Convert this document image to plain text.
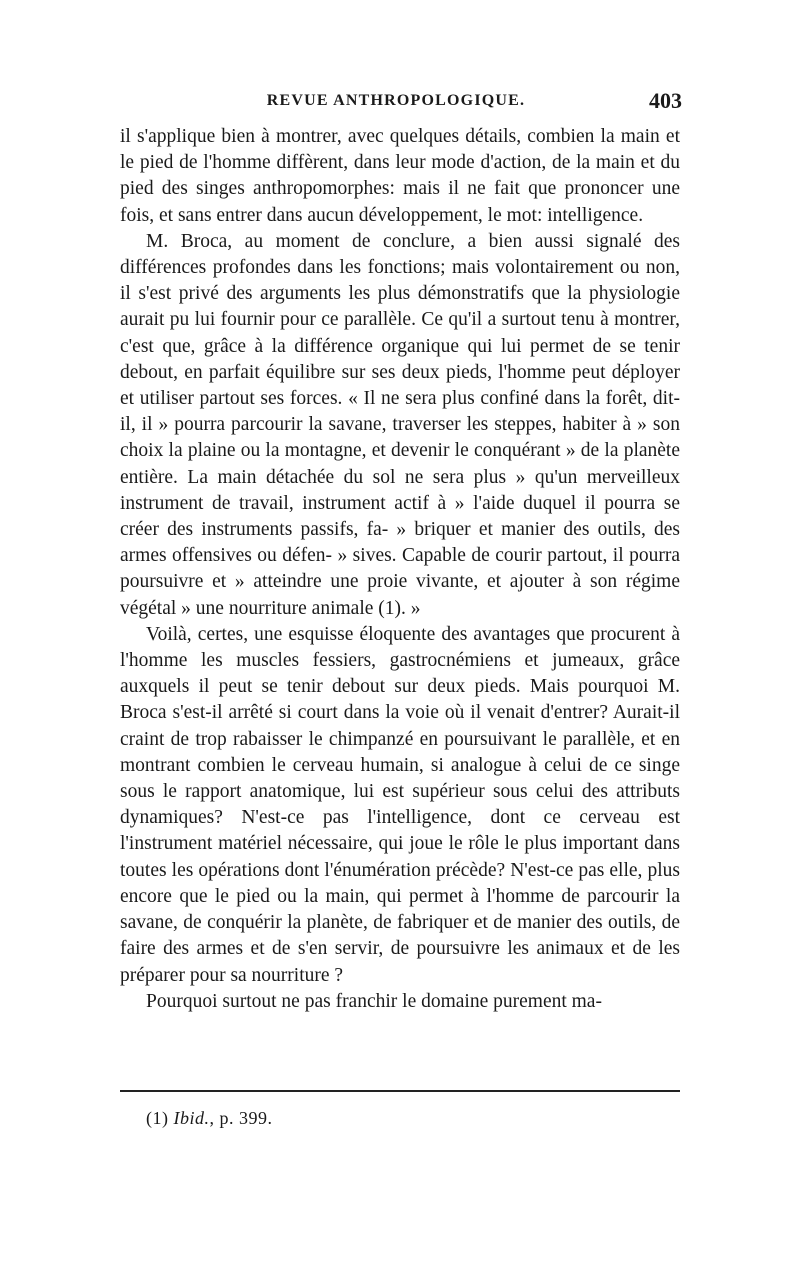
REVUE ANTHROPOLOGIQUE.	403

il s'applique bien à montrer, avec quelques détails, combien la main et le pied de l'homme diffèrent, dans leur mode d'action, de la main et du pied des singes anthropomorphes: mais il ne fait que prononcer une fois, et sans entrer dans aucun développement, le mot: intelligence.

M. Broca, au moment de conclure, a bien aussi signalé des différences profondes dans les fonctions; mais volontairement ou non, il s'est privé des arguments les plus démonstratifs que la physiologie aurait pu lui fournir pour ce parallèle. Ce qu'il a surtout tenu à montrer, c'est que, grâce à la différence organique qui lui permet de se tenir debout, en parfait équilibre sur ses deux pieds, l'homme peut déployer et utiliser partout ses forces. « Il ne sera plus confiné dans la forêt, dit-il, il » pourra parcourir la savane, traverser les steppes, habiter à » son choix la plaine ou la montagne, et devenir le conquérant » de la planète entière. La main détachée du sol ne sera plus » qu'un merveilleux instrument de travail, instrument actif à » l'aide duquel il pourra se créer des instruments passifs, fa- » briquer et manier des outils, des armes offensives ou défen- » sives. Capable de courir partout, il pourra poursuivre et » atteindre une proie vivante, et ajouter à son régime végétal » une nourriture animale (1). »

Voilà, certes, une esquisse éloquente des avantages que procurent à l'homme les muscles fessiers, gastrocnémiens et jumeaux, grâce auxquels il peut se tenir debout sur deux pieds. Mais pourquoi M. Broca s'est-il arrêté si court dans la voie où il venait d'entrer? Aurait-il craint de trop rabaisser le chimpanzé en poursuivant le parallèle, et en montrant combien le cerveau humain, si analogue à celui de ce singe sous le rapport anatomique, lui est supérieur sous celui des attributs dynamiques? N'est-ce pas l'intelligence, dont ce cerveau est l'instrument matériel nécessaire, qui joue le rôle le plus important dans toutes les opérations dont l'énumération précède? N'est-ce pas elle, plus encore que le pied ou la main, qui permet à l'homme de parcourir la savane, de conquérir la planète, de fabriquer et de manier des outils, de faire des armes et de s'en servir, de poursuivre les animaux et de les préparer pour sa nourriture ?

Pourquoi surtout ne pas franchir le domaine purement ma-

(1) Ibid., p. 399.
